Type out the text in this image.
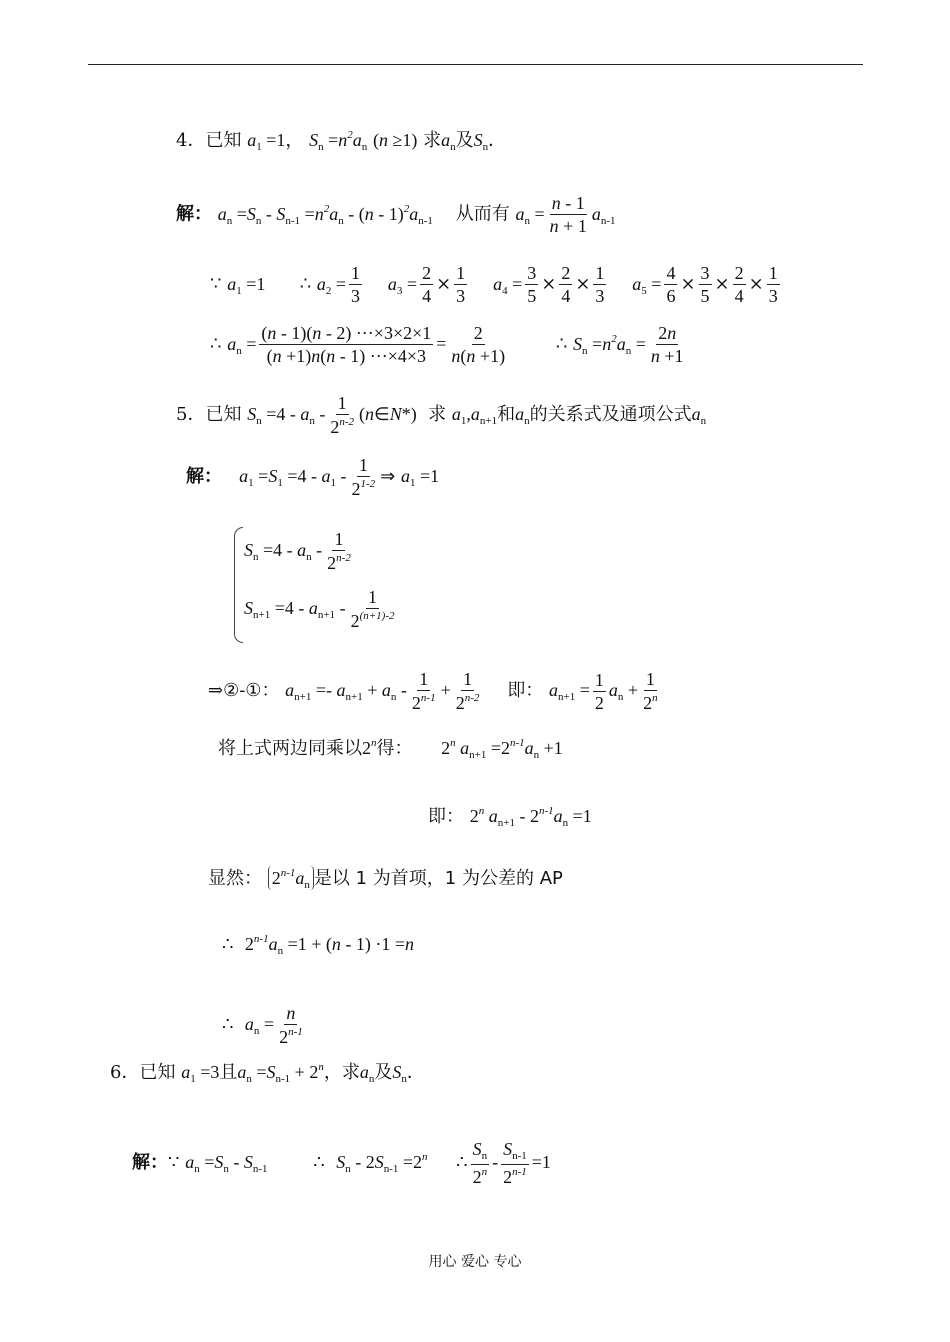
4．已知 $a_1 =1$， $S_n =n^2a_n$ (n ≥1) 求$a_n$及$S_n$．
解： $a_n =S_n - S_{n-1} =n^2a_n - (n - 1)^2a_{n-1}$ 从而有 $a_n = \frac{n - 1}{n + 1} a_{n-1}$
∵ $a_1 =1$ ∴ $a_2 = \frac{1}{3} a_3 = \frac{2}{4} \times \frac{1}{3} a_4 = \frac{3}{5} \times \frac{2}{4} \times \frac{1}{3} a_5 = \frac{4}{6} \times \frac{3}{5} \times \frac{2}{4} \times \frac{1}{3}$
∴ $a_n = \frac{(n - 1)(n - 2) \cdot\cdot\cdot\times 3\times 2\times 1}{(n +1)n(n - 1) \cdot\cdot\cdot\times 4\times 3} = \frac{2}{n(n +1)}$	∴ $S_n =n^2a_n = \frac{2n}{n +1}$
5．已知 $S_n =4 - a_n - \frac{1}{2^{n-2}}$ (n∈N*) 求 $a_1,a_{n+1}$和$a_n$的关系式及通项公式$a_n$
解： $a_1 =S_1 =4 - a_1 - \frac{1}{2^{1-2}}$ ⇒ $a_1 =1$
$S_n =4 - a_n - \frac{1}{2^{n-2}}$
$S_{n+1} =4 - a_{n+1} - \frac{1}{2^{(n+1)-2}}$
⇒②-①： $a_{n+1} =- a_{n+1} + a_n - \frac{1}{2^{n-1}} + \frac{1}{2^{n-2}}$ 即： $a_{n+1} = \frac{1}{2} a_n + \frac{1}{2^n}$
将上式两边同乘以2$^n$得： 2$^n$ $a_{n+1} =2^{n-1}a_n +1$
即： 2$^n$ $a_{n+1} - 2^{n-1}a_n =1$
显然： $2^{n-1}a_n$ 是以 1 为首项，1 为公差的 AP
∴ $2^{n-1}a_n =1 + (n - 1) \cdot 1 =n$
∴ $a_n = \frac{n}{2^{n-1}}$
6．已知 $a_1 =3$且$a_n =S_{n-1} + 2^n$，求$a_n$及$S_n$．
解：∵ $a_n =S_n - S_{n-1}$	∴ $S_n - 2S_{n-1} =2^n$ ∴ $\frac{S_n}{2^n} - \frac{S_{n-1}}{2^{n-1}} =1$
用心 爱心 专心
